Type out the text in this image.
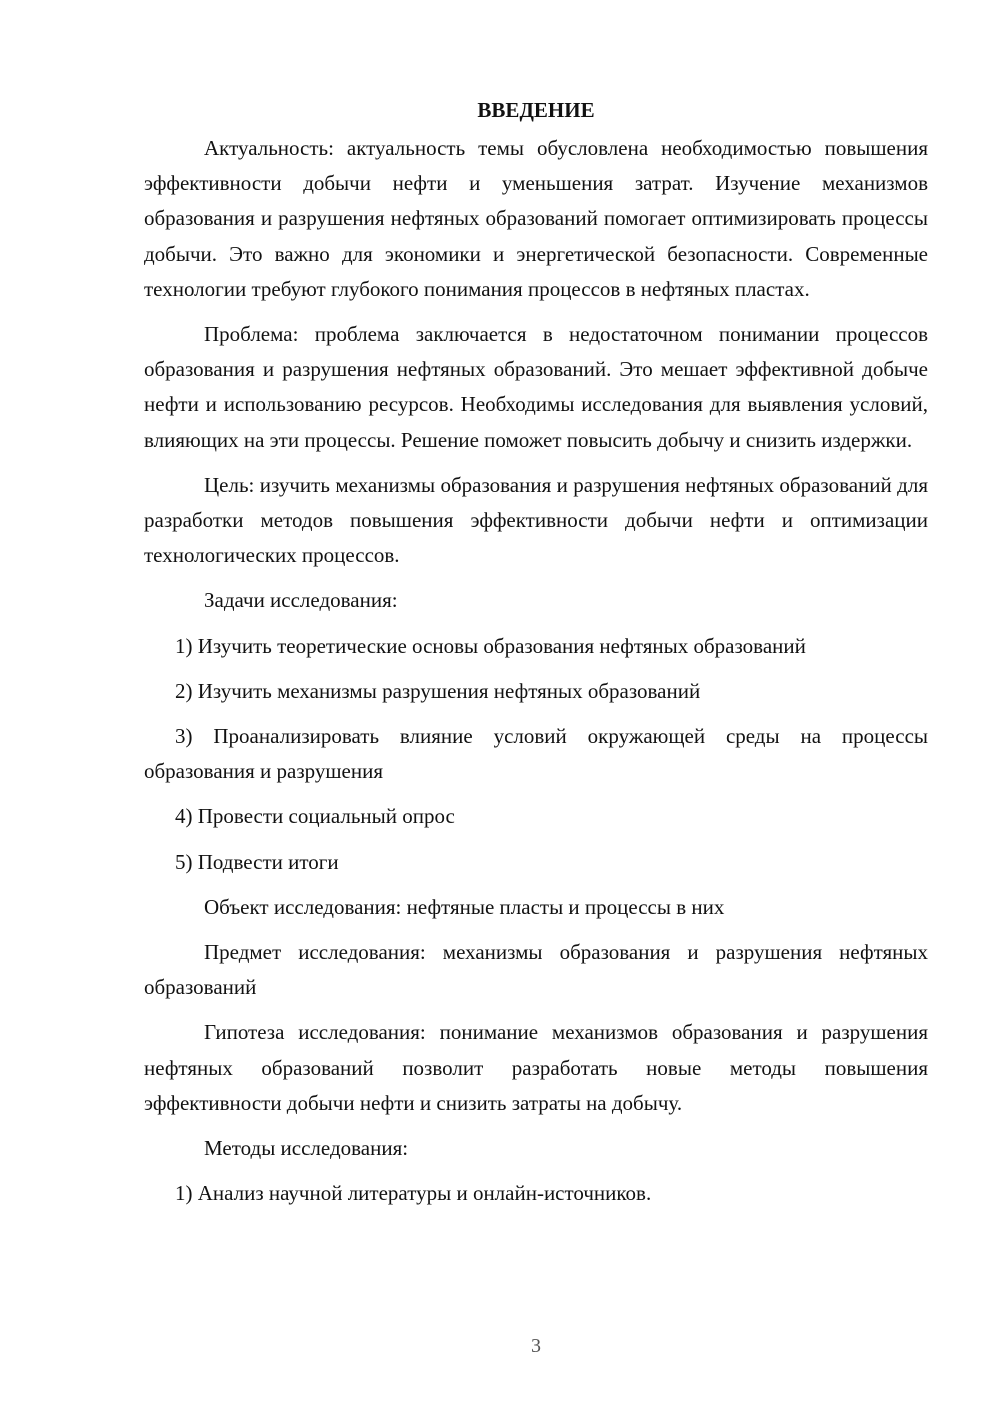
ВВЕДЕНИЕ
Актуальность: актуальность темы обусловлена необходимостью повышения эффективности добычи нефти и уменьшения затрат. Изучение механизмов образования и разрушения нефтяных образований помогает оптимизировать процессы добычи. Это важно для экономики и энергетической безопасности. Современные технологии требуют глубокого понимания процессов в нефтяных пластах.
Проблема: проблема заключается в недостаточном понимании процессов образования и разрушения нефтяных образований. Это мешает эффективной добыче нефти и использованию ресурсов. Необходимы исследования для выявления условий, влияющих на эти процессы. Решение поможет повысить добычу и снизить издержки.
Цель: изучить механизмы образования и разрушения нефтяных образований для разработки методов повышения эффективности добычи нефти и оптимизации технологических процессов.
Задачи исследования:
1) Изучить теоретические основы образования нефтяных образований
2) Изучить механизмы разрушения нефтяных образований
3) Проанализировать влияние условий окружающей среды на процессы образования и разрушения
4) Провести социальный опрос
5) Подвести итоги
Объект исследования: нефтяные пласты и процессы в них
Предмет исследования: механизмы образования и разрушения нефтяных образований
Гипотеза исследования: понимание механизмов образования и разрушения нефтяных образований позволит разработать новые методы повышения эффективности добычи нефти и снизить затраты на добычу.
Методы исследования:
1) Анализ научной литературы и онлайн-источников.
3
